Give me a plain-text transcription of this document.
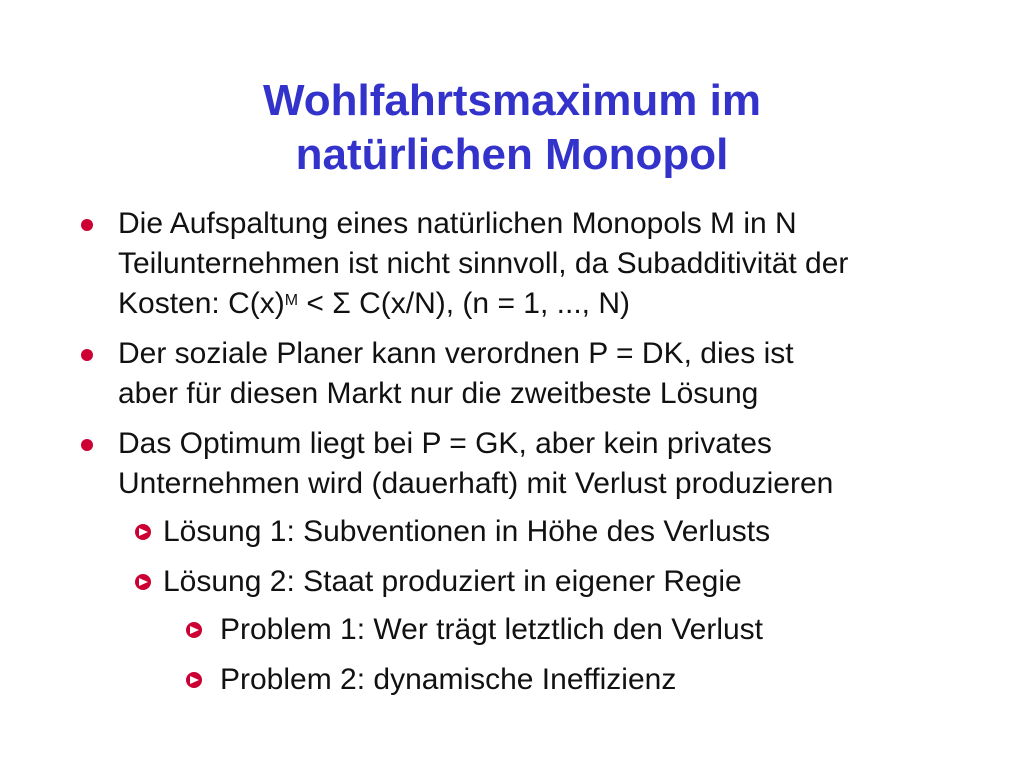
Wohlfahrtsmaximum im
natürlichen Monopol
Die Aufspaltung eines natürlichen Monopols M in N
Teilunternehmen ist nicht sinnvoll, da Subadditivität der
Kosten: $C(x)^M < \Sigma$ C(x/N), (n = 1, ..., N)
Der soziale Planer kann verordnen P = DK, dies ist
aber für diesen Markt nur die zweitbeste Lösung
Das Optimum liegt bei P = GK, aber kein privates
Unternehmen wird (dauerhaft) mit Verlust produzieren
Lösung 1: Subventionen in Höhe des Verlusts
Lösung 2: Staat produziert in eigener Regie
Problem 1: Wer trägt letztlich den Verlust
Problem 2: dynamische Ineffizienz
